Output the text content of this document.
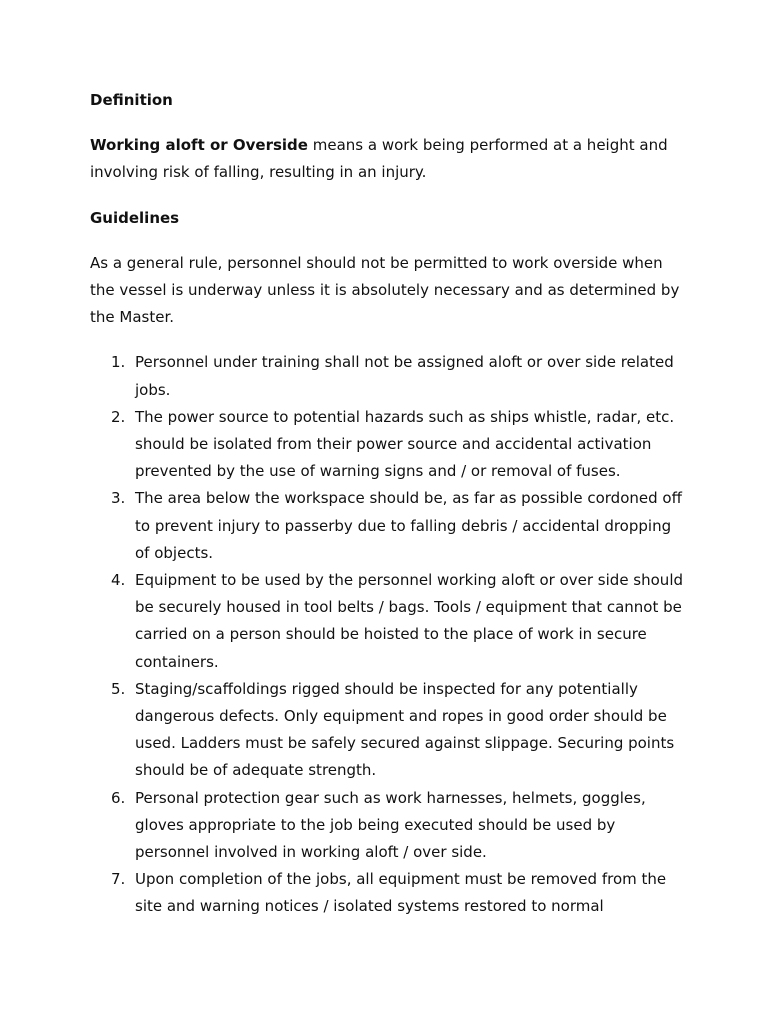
Definition

Working aloft or Overside means a work being performed at a height and involving risk of falling, resulting in an injury.

Guidelines

As a general rule, personnel should not be permitted to work overside when the vessel is underway unless it is absolutely necessary and as determined by the Master.

1. Personnel under training shall not be assigned aloft or over side related jobs.
2. The power source to potential hazards such as ships whistle, radar, etc. should be isolated from their power source and accidental activation prevented by the use of warning signs and / or removal of fuses.
3. The area below the workspace should be, as far as possible cordoned off to prevent injury to passerby due to falling debris / accidental dropping of objects.
4. Equipment to be used by the personnel working aloft or over side should be securely housed in tool belts / bags. Tools / equipment that cannot be carried on a person should be hoisted to the place of work in secure containers.
5. Staging/scaffoldings rigged should be inspected for any potentially dangerous defects. Only equipment and ropes in good order should be used. Ladders must be safely secured against slippage. Securing points should be of adequate strength.
6. Personal protection gear such as work harnesses, helmets, goggles, gloves appropriate to the job being executed should be used by personnel involved in working aloft / over side.
7. Upon completion of the jobs, all equipment must be removed from the site and warning notices / isolated systems restored to normal
